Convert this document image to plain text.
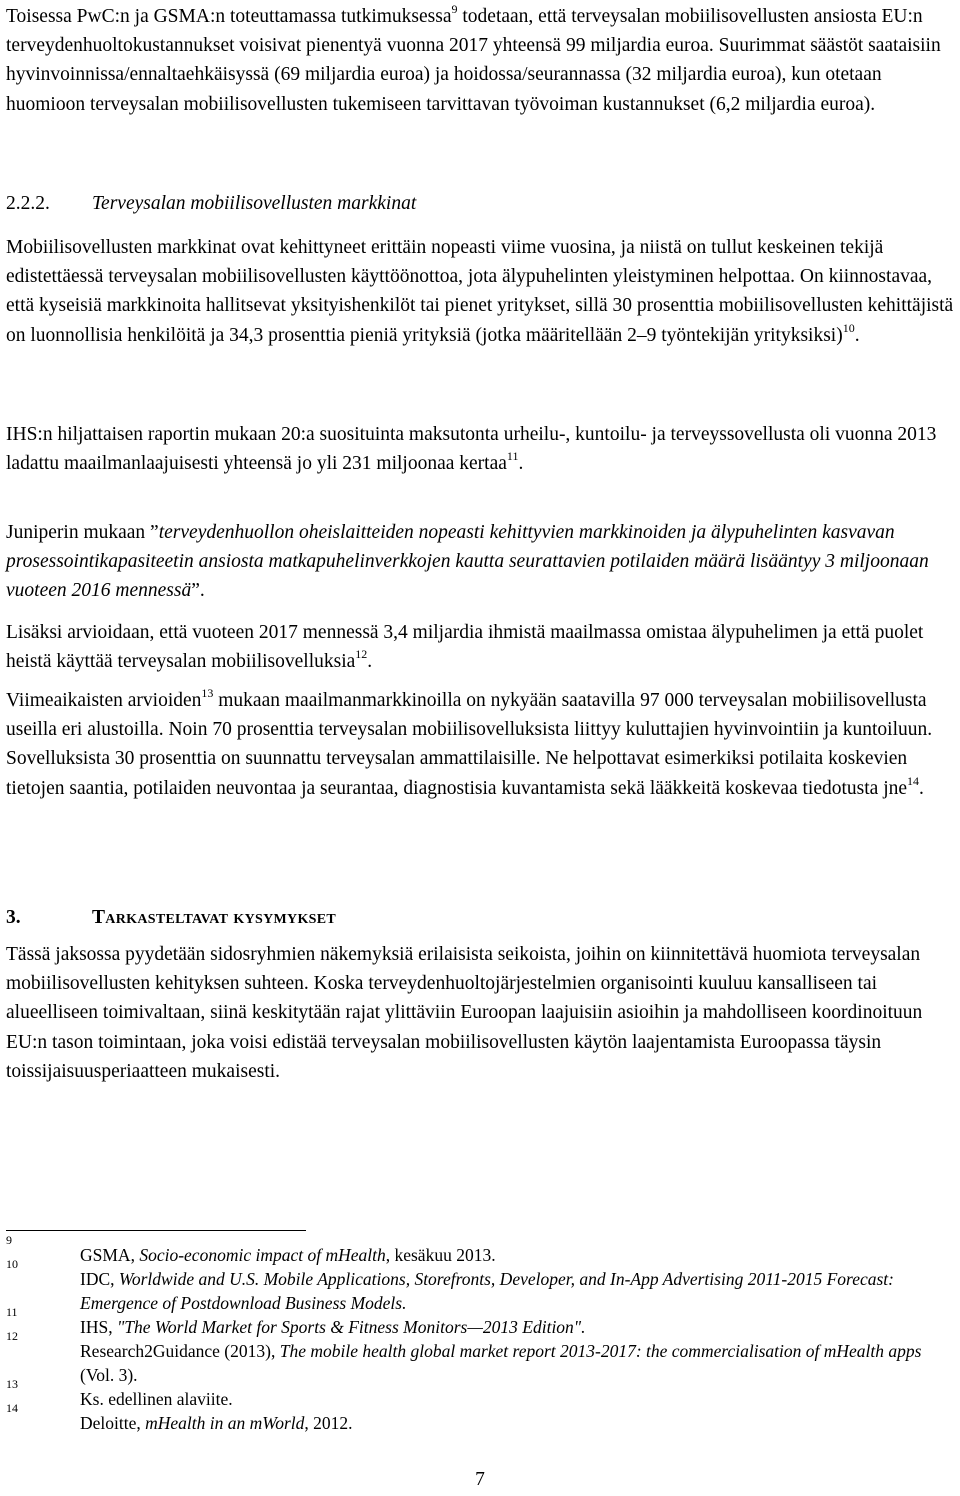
Toisessa PwC:n ja GSMA:n toteuttamassa tutkimuksessa$^9$ todetaan, että terveysalan mobiilisovellusten ansiosta EU:n terveydenhuoltokustannukset voisivat pienentyä vuonna 2017 yhteensä 99 miljardia euroa. Suurimmat säästöt saataisiin hyvinvoinnissa/ennaltaehkäisyssä (69 miljardia euroa) ja hoidossa/seurannassa (32 miljardia euroa), kun otetaan huomioon terveysalan mobiilisovellusten tukemiseen tarvittavan työvoiman kustannukset (6,2 miljardia euroa).

2.2.2. Terveysalan mobiilisovellusten markkinat

Mobiilisovellusten markkinat ovat kehittyneet erittäin nopeasti viime vuosina, ja niistä on tullut keskeinen tekijä edistettäessä terveysalan mobiilisovellusten käyttöönottoa, jota älypuhelinten yleistyminen helpottaa. On kiinnostavaa, että kyseisiä markkinoita hallitsevat yksityishenkilöt tai pienet yritykset, sillä 30 prosenttia mobiilisovellusten kehittäjistä on luonnollisia henkilöitä ja 34,3 prosenttia pieniä yrityksiä (jotka määritellään 2–9 työntekijän yrityksiksi)$^{10}$.

IHS:n hiljattaisen raportin mukaan 20:a suosituinta maksutonta urheilu-, kuntoilu- ja terveyssovellusta oli vuonna 2013 ladattu maailmanlaajuisesti yhteensä jo yli 231 miljoonaa kertaa$^{11}$.

Juniperin mukaan ”terveydenhuollon oheislaitteiden nopeasti kehittyvien markkinoiden ja älypuhelinten kasvavan prosessointikapasiteetin ansiosta matkapuhelinverkkojen kautta seurattavien potilaiden määrä lisääntyy 3 miljoonaan vuoteen 2016 mennessä”.

Lisäksi arvioidaan, että vuoteen 2017 mennessä 3,4 miljardia ihmistä maailmassa omistaa älypuhelimen ja että puolet heistä käyttää terveysalan mobiilisovelluksia$^{12}$.

Viimeaikaisten arvioiden$^{13}$ mukaan maailmanmarkkinoilla on nykyään saatavilla 97 000 terveysalan mobiilisovellusta useilla eri alustoilla. Noin 70 prosenttia terveysalan mobiilisovelluksista liittyy kuluttajien hyvinvointiin ja kuntoiluun. Sovelluksista 30 prosenttia on suunnattu terveysalan ammattilaisille. Ne helpottavat esimerkiksi potilaita koskevien tietojen saantia, potilaiden neuvontaa ja seurantaa, diagnostisia kuvantamista sekä lääkkeitä koskevaa tiedotusta jne$^{14}$.

3.	Tarkasteltavat kysymykset

Tässä jaksossa pyydetään sidosryhmien näkemyksiä erilaisista seikoista, joihin on kiinnitettävä huomiota terveysalan mobiilisovellusten kehityksen suhteen. Koska terveydenhuoltojärjestelmien organisointi kuuluu kansalliseen tai alueelliseen toimivaltaan, siinä keskitytään rajat ylittäviin Euroopan laajuisiin asioihin ja mahdolliseen koordinoituun EU:n tason toimintaan, joka voisi edistää terveysalan mobiilisovellusten käytön laajentamista Euroopassa täysin toissijaisuusperiaatteen mukaisesti.

9
GSMA, Socio-economic impact of mHealth, kesäkuu 2013.
10
IDC, Worldwide and U.S. Mobile Applications, Storefronts, Developer, and In-App Advertising 2011-2015 Forecast: Emergence of Postdownload Business Models.
11
IHS, "The World Market for Sports & Fitness Monitors—2013 Edition".
12
Research2Guidance (2013), The mobile health global market report 2013-2017: the commercialisation of mHealth apps (Vol. 3).
13
Ks. edellinen alaviite.
14
Deloitte, mHealth in an mWorld, 2012.
7
